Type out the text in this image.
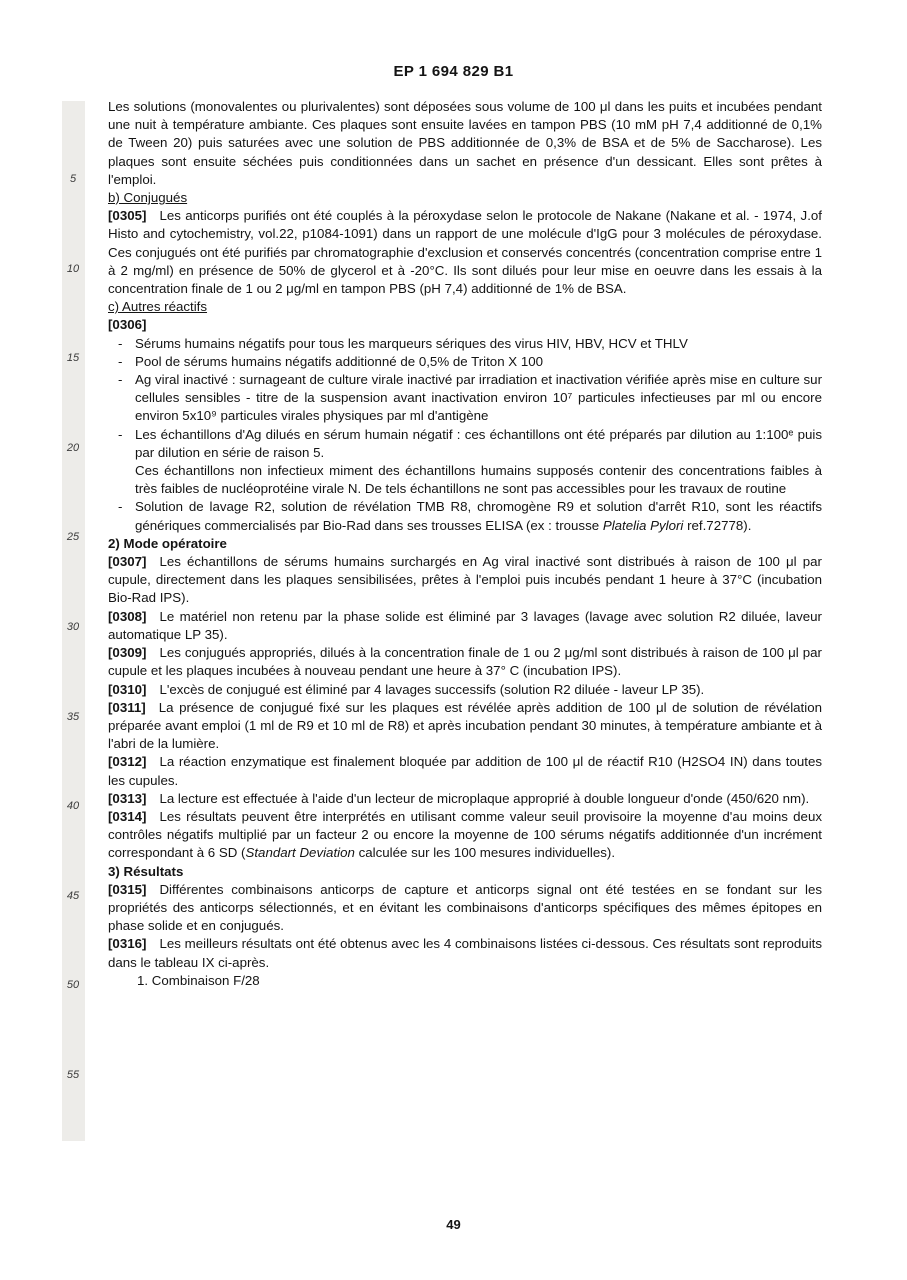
EP 1 694 829 B1
5
10
15
20
25
30
35
40
45
50
55

Les solutions (monovalentes ou plurivalentes) sont déposées sous volume de 100 μl dans les puits et incubées pendant une nuit à température ambiante. Ces plaques sont ensuite lavées en tampon PBS (10 mM pH 7,4 additionné de 0,1% de Tween 20) puis saturées avec une solution de PBS additionnée de 0,3% de BSA et de 5% de Saccharose). Les plaques sont ensuite séchées puis conditionnées dans un sachet en présence d'un dessicant. Elles sont prêtes à l'emploi.

b) Conjugués

[0305] Les anticorps purifiés ont été couplés à la péroxydase selon le protocole de Nakane (Nakane et al. - 1974, J.of Histo and cytochemistry, vol.22, p1084-1091) dans un rapport de une molécule d'IgG pour 3 molécules de péroxydase. Ces conjugués ont été purifiés par chromatographie d'exclusion et conservés concentrés (concentration comprise entre 1 à 2 mg/ml) en présence de 50% de glycerol et à -20°C. Ils sont dilués pour leur mise en oeuvre dans les essais à la concentration finale de 1 ou 2 μg/ml en tampon PBS (pH 7,4) additionné de 1% de BSA.

c) Autres réactifs

[0306]

- Sérums humains négatifs pour tous les marqueurs sériques des virus HIV, HBV, HCV et THLV
- Pool de sérums humains négatifs additionné de 0,5% de Triton X 100
- Ag viral inactivé : surnageant de culture virale inactivé par irradiation et inactivation vérifiée après mise en culture sur cellules sensibles - titre de la suspension avant inactivation environ 10⁷ particules infectieuses par ml ou encore environ 5x10⁹ particules virales physiques par ml d'antigène
- Les échantillons d'Ag dilués en sérum humain négatif : ces échantillons ont été préparés par dilution au 1:100ᵉ puis par dilution en série de raison 5.
Ces échantillons non infectieux miment des échantillons humains supposés contenir des concentrations faibles à très faibles de nucléoprotéine virale N. De tels échantillons ne sont pas accessibles pour les travaux de routine
- Solution de lavage R2, solution de révélation TMB R8, chromogène R9 et solution d'arrêt R10, sont les réactifs génériques commercialisés par Bio-Rad dans ses trousses ELISA (ex : trousse Platelia Pylori ref.72778).

2) Mode opératoire

[0307] Les échantillons de sérums humains surchargés en Ag viral inactivé sont distribués à raison de 100 μl par cupule, directement dans les plaques sensibilisées, prêtes à l'emploi puis incubés pendant 1 heure à 37°C (incubation Bio-Rad IPS).

[0308] Le matériel non retenu par la phase solide est éliminé par 3 lavages (lavage avec solution R2 diluée, laveur automatique LP 35).

[0309] Les conjugués appropriés, dilués à la concentration finale de 1 ou 2 μg/ml sont distribués à raison de 100 μl par cupule et les plaques incubées à nouveau pendant une heure à 37° C (incubation IPS).

[0310] L'excès de conjugué est éliminé par 4 lavages successifs (solution R2 diluée - laveur LP 35).

[0311] La présence de conjugué fixé sur les plaques est révélée après addition de 100 μl de solution de révélation préparée avant emploi (1 ml de R9 et 10 ml de R8) et après incubation pendant 30 minutes, à température ambiante et à l'abri de la lumière.

[0312] La réaction enzymatique est finalement bloquée par addition de 100 μl de réactif R10 (H2SO4 IN) dans toutes les cupules.

[0313] La lecture est effectuée à l'aide d'un lecteur de microplaque approprié à double longueur d'onde (450/620 nm).

[0314] Les résultats peuvent être interprétés en utilisant comme valeur seuil provisoire la moyenne d'au moins deux contrôles négatifs multiplié par un facteur 2 ou encore la moyenne de 100 sérums négatifs additionnée d'un incrément correspondant à 6 SD (Standart Deviation calculée sur les 100 mesures individuelles).

3) Résultats

[0315] Différentes combinaisons anticorps de capture et anticorps signal ont été testées en se fondant sur les propriétés des anticorps sélectionnés, et en évitant les combinaisons d'anticorps spécifiques des mêmes épitopes en phase solide et en conjugués.

[0316] Les meilleurs résultats ont été obtenus avec les 4 combinaisons listées ci-dessous. Ces résultats sont reproduits dans le tableau IX ci-après.

1. Combinaison F/28

49
